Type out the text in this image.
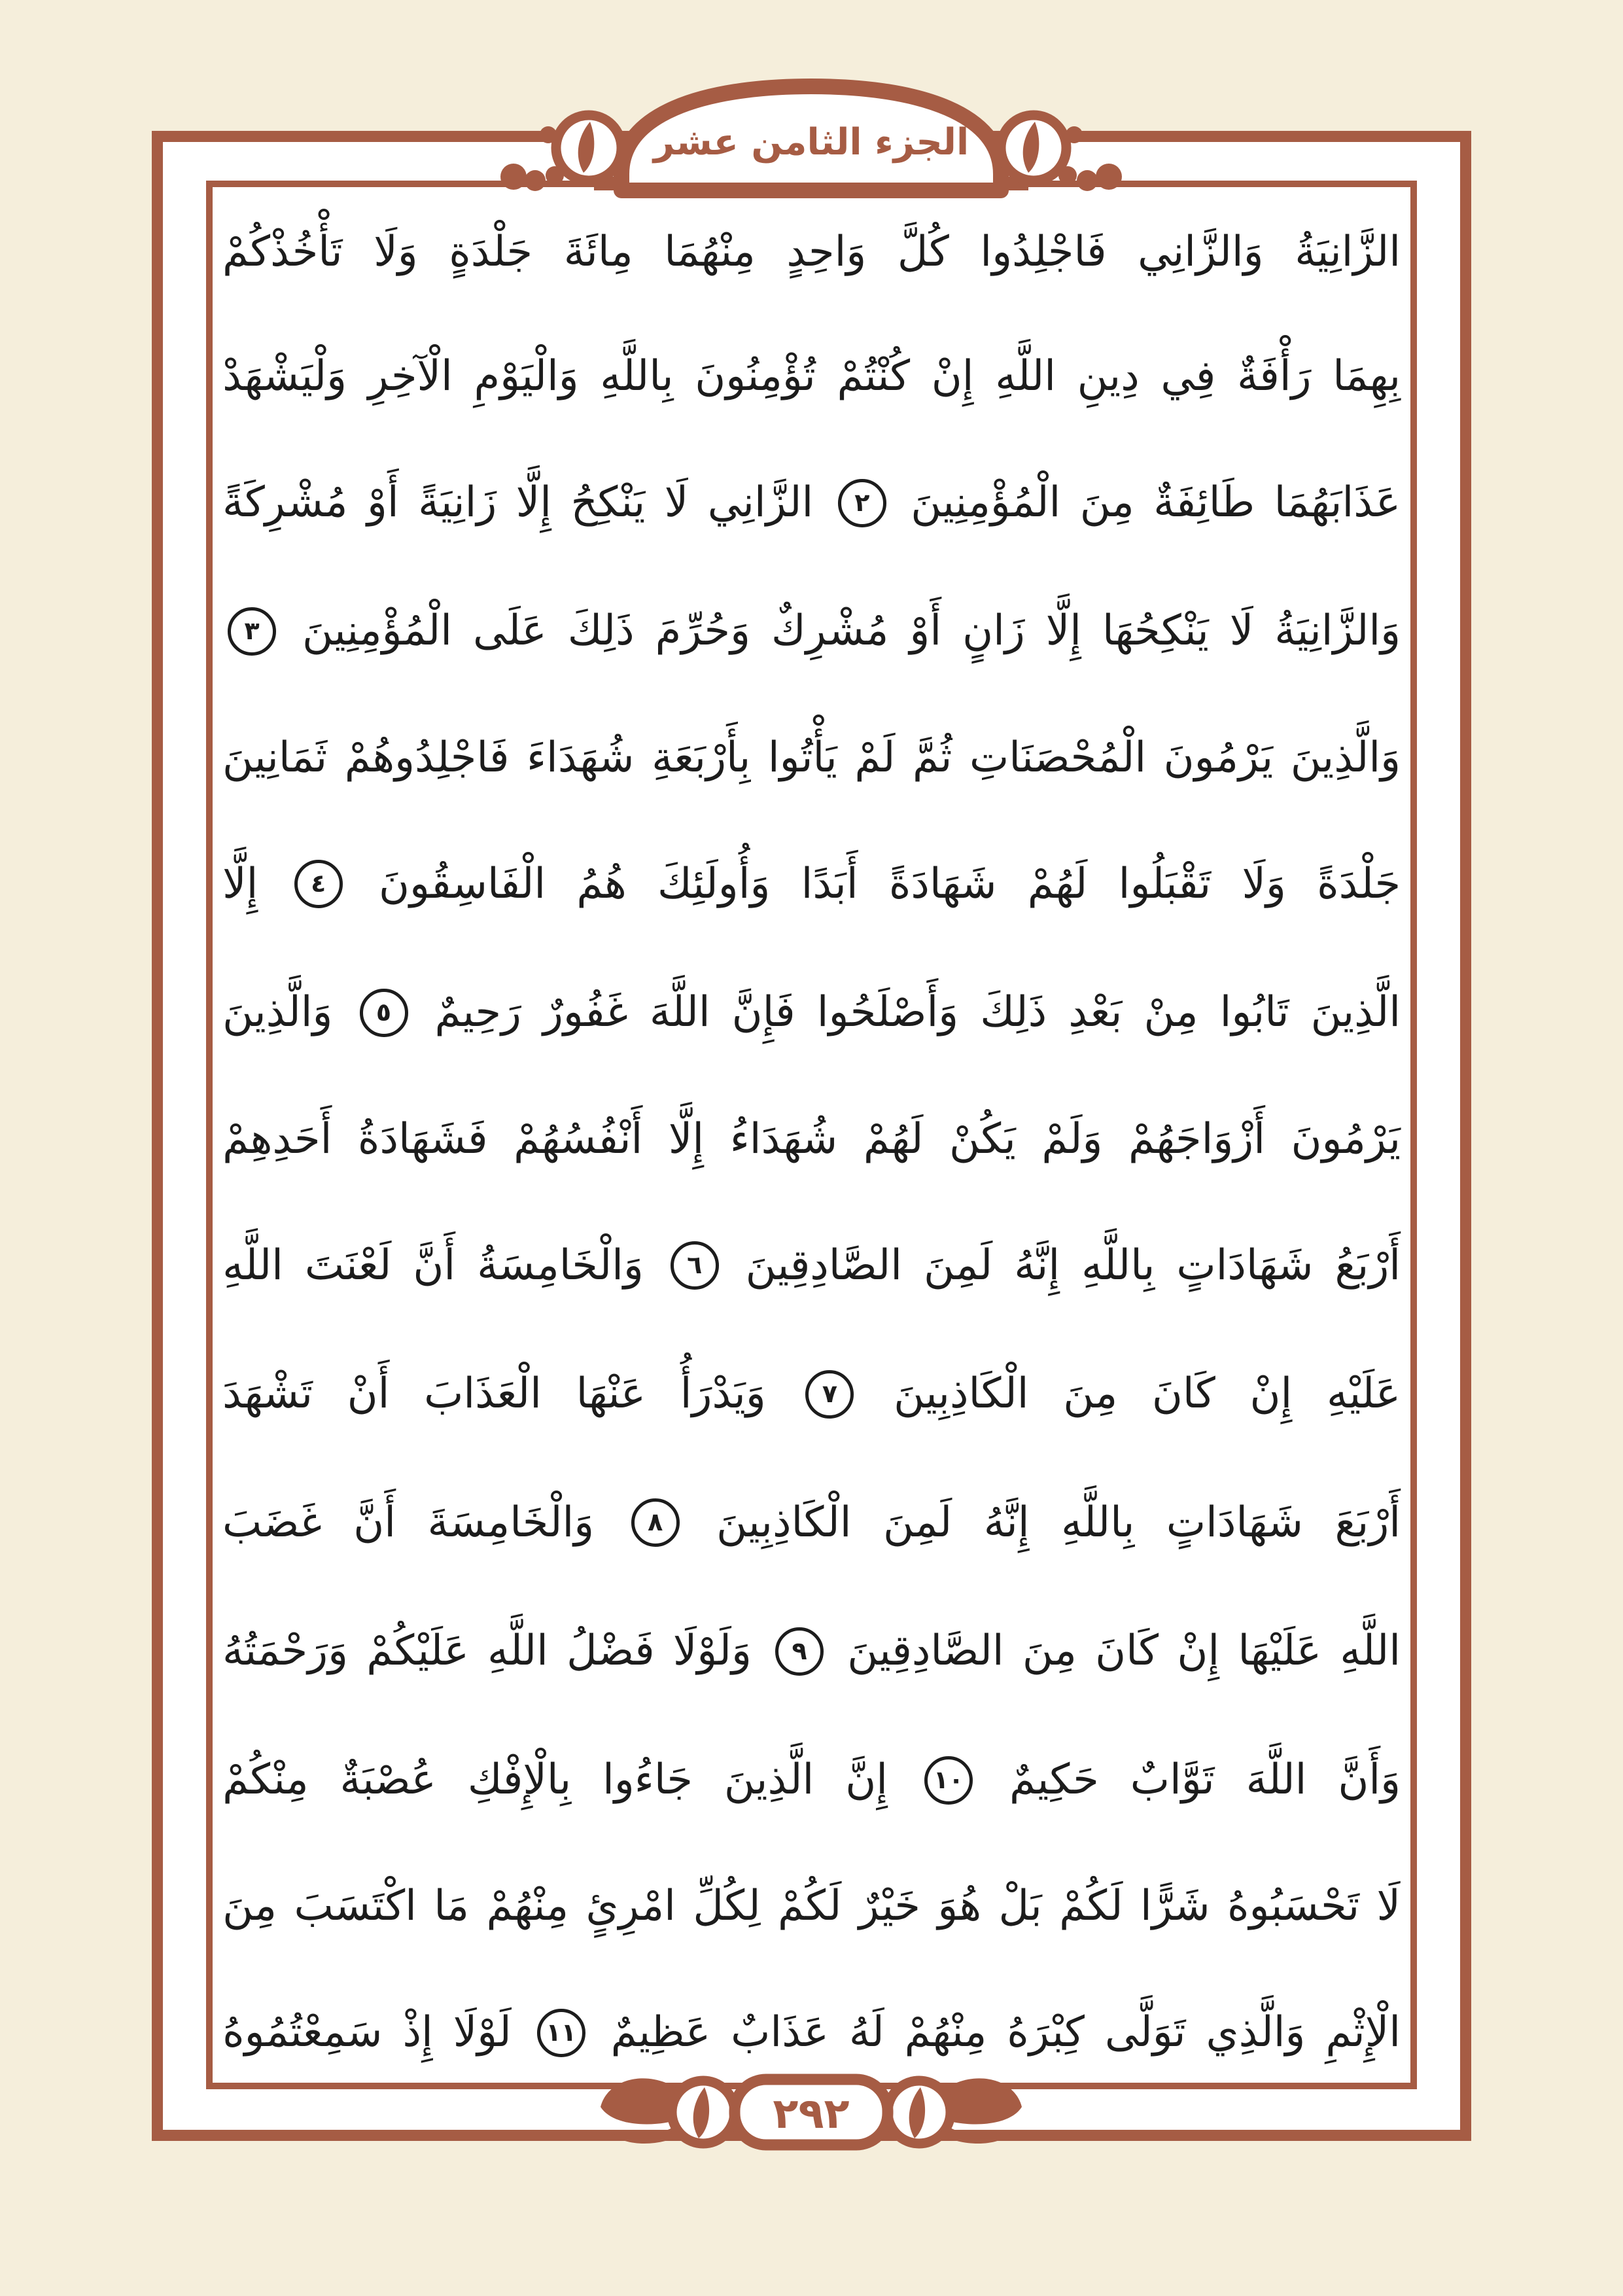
الزَّانِيَةُ
وَالزَّانِي
فَاجْلِدُوا
كُلَّ
وَاحِدٍ
مِنْهُمَا
مِائَةَ
جَلْدَةٍ
وَلَا
تَأْخُذْكُمْ
بِهِمَا
رَأْفَةٌ
فِي
دِينِ
اللَّهِ
إِنْ
كُنْتُمْ
تُؤْمِنُونَ
بِاللَّهِ
وَالْيَوْمِ
الْآخِرِ
وَلْيَشْهَدْ
عَذَابَهُمَا
طَائِفَةٌ
مِنَ
الْمُؤْمِنِينَ
٢
الزَّانِي
لَا
يَنْكِحُ
إِلَّا
زَانِيَةً
أَوْ
مُشْرِكَةً
وَالزَّانِيَةُ
لَا
يَنْكِحُهَا
إِلَّا
زَانٍ
أَوْ
مُشْرِكٌ
وَحُرِّمَ
ذَلِكَ
عَلَى
الْمُؤْمِنِينَ
٣
وَالَّذِينَ
يَرْمُونَ
الْمُحْصَنَاتِ
ثُمَّ
لَمْ
يَأْتُوا
بِأَرْبَعَةِ
شُهَدَاءَ
فَاجْلِدُوهُمْ
ثَمَانِينَ
جَلْدَةً
وَلَا
تَقْبَلُوا
لَهُمْ
شَهَادَةً
أَبَدًا
وَأُولَئِكَ
هُمُ
الْفَاسِقُونَ
٤
إِلَّا
الَّذِينَ
تَابُوا
مِنْ
بَعْدِ
ذَلِكَ
وَأَصْلَحُوا
فَإِنَّ
اللَّهَ
غَفُورٌ
رَحِيمٌ
٥
وَالَّذِينَ
يَرْمُونَ
أَزْوَاجَهُمْ
وَلَمْ
يَكُنْ
لَهُمْ
شُهَدَاءُ
إِلَّا
أَنْفُسُهُمْ
فَشَهَادَةُ
أَحَدِهِمْ
أَرْبَعُ
شَهَادَاتٍ
بِاللَّهِ
إِنَّهُ
لَمِنَ
الصَّادِقِينَ
٦
وَالْخَامِسَةُ
أَنَّ
لَعْنَتَ
اللَّهِ
عَلَيْهِ
إِنْ
كَانَ
مِنَ
الْكَاذِبِينَ
٧
وَيَدْرَأُ
عَنْهَا
الْعَذَابَ
أَنْ
تَشْهَدَ
أَرْبَعَ
شَهَادَاتٍ
بِاللَّهِ
إِنَّهُ
لَمِنَ
الْكَاذِبِينَ
٨
وَالْخَامِسَةَ
أَنَّ
غَضَبَ
اللَّهِ
عَلَيْهَا
إِنْ
كَانَ
مِنَ
الصَّادِقِينَ
٩
وَلَوْلَا
فَضْلُ
اللَّهِ
عَلَيْكُمْ
وَرَحْمَتُهُ
وَأَنَّ
اللَّهَ
تَوَّابٌ
حَكِيمٌ
١٠
إِنَّ
الَّذِينَ
جَاءُوا
بِالْإِفْكِ
عُصْبَةٌ
مِنْكُمْ
لَا
تَحْسَبُوهُ
شَرًّا
لَكُمْ
بَلْ
هُوَ
خَيْرٌ
لَكُمْ
لِكُلِّ
امْرِئٍ
مِنْهُمْ
مَا
اكْتَسَبَ
مِنَ
الْإِثْمِ
وَالَّذِي
تَوَلَّى
كِبْرَهُ
مِنْهُمْ
لَهُ
عَذَابٌ
عَظِيمٌ
١١
لَوْلَا
إِذْ
سَمِعْتُمُوهُ
الجزء الثامن عشر
٢٩٢
